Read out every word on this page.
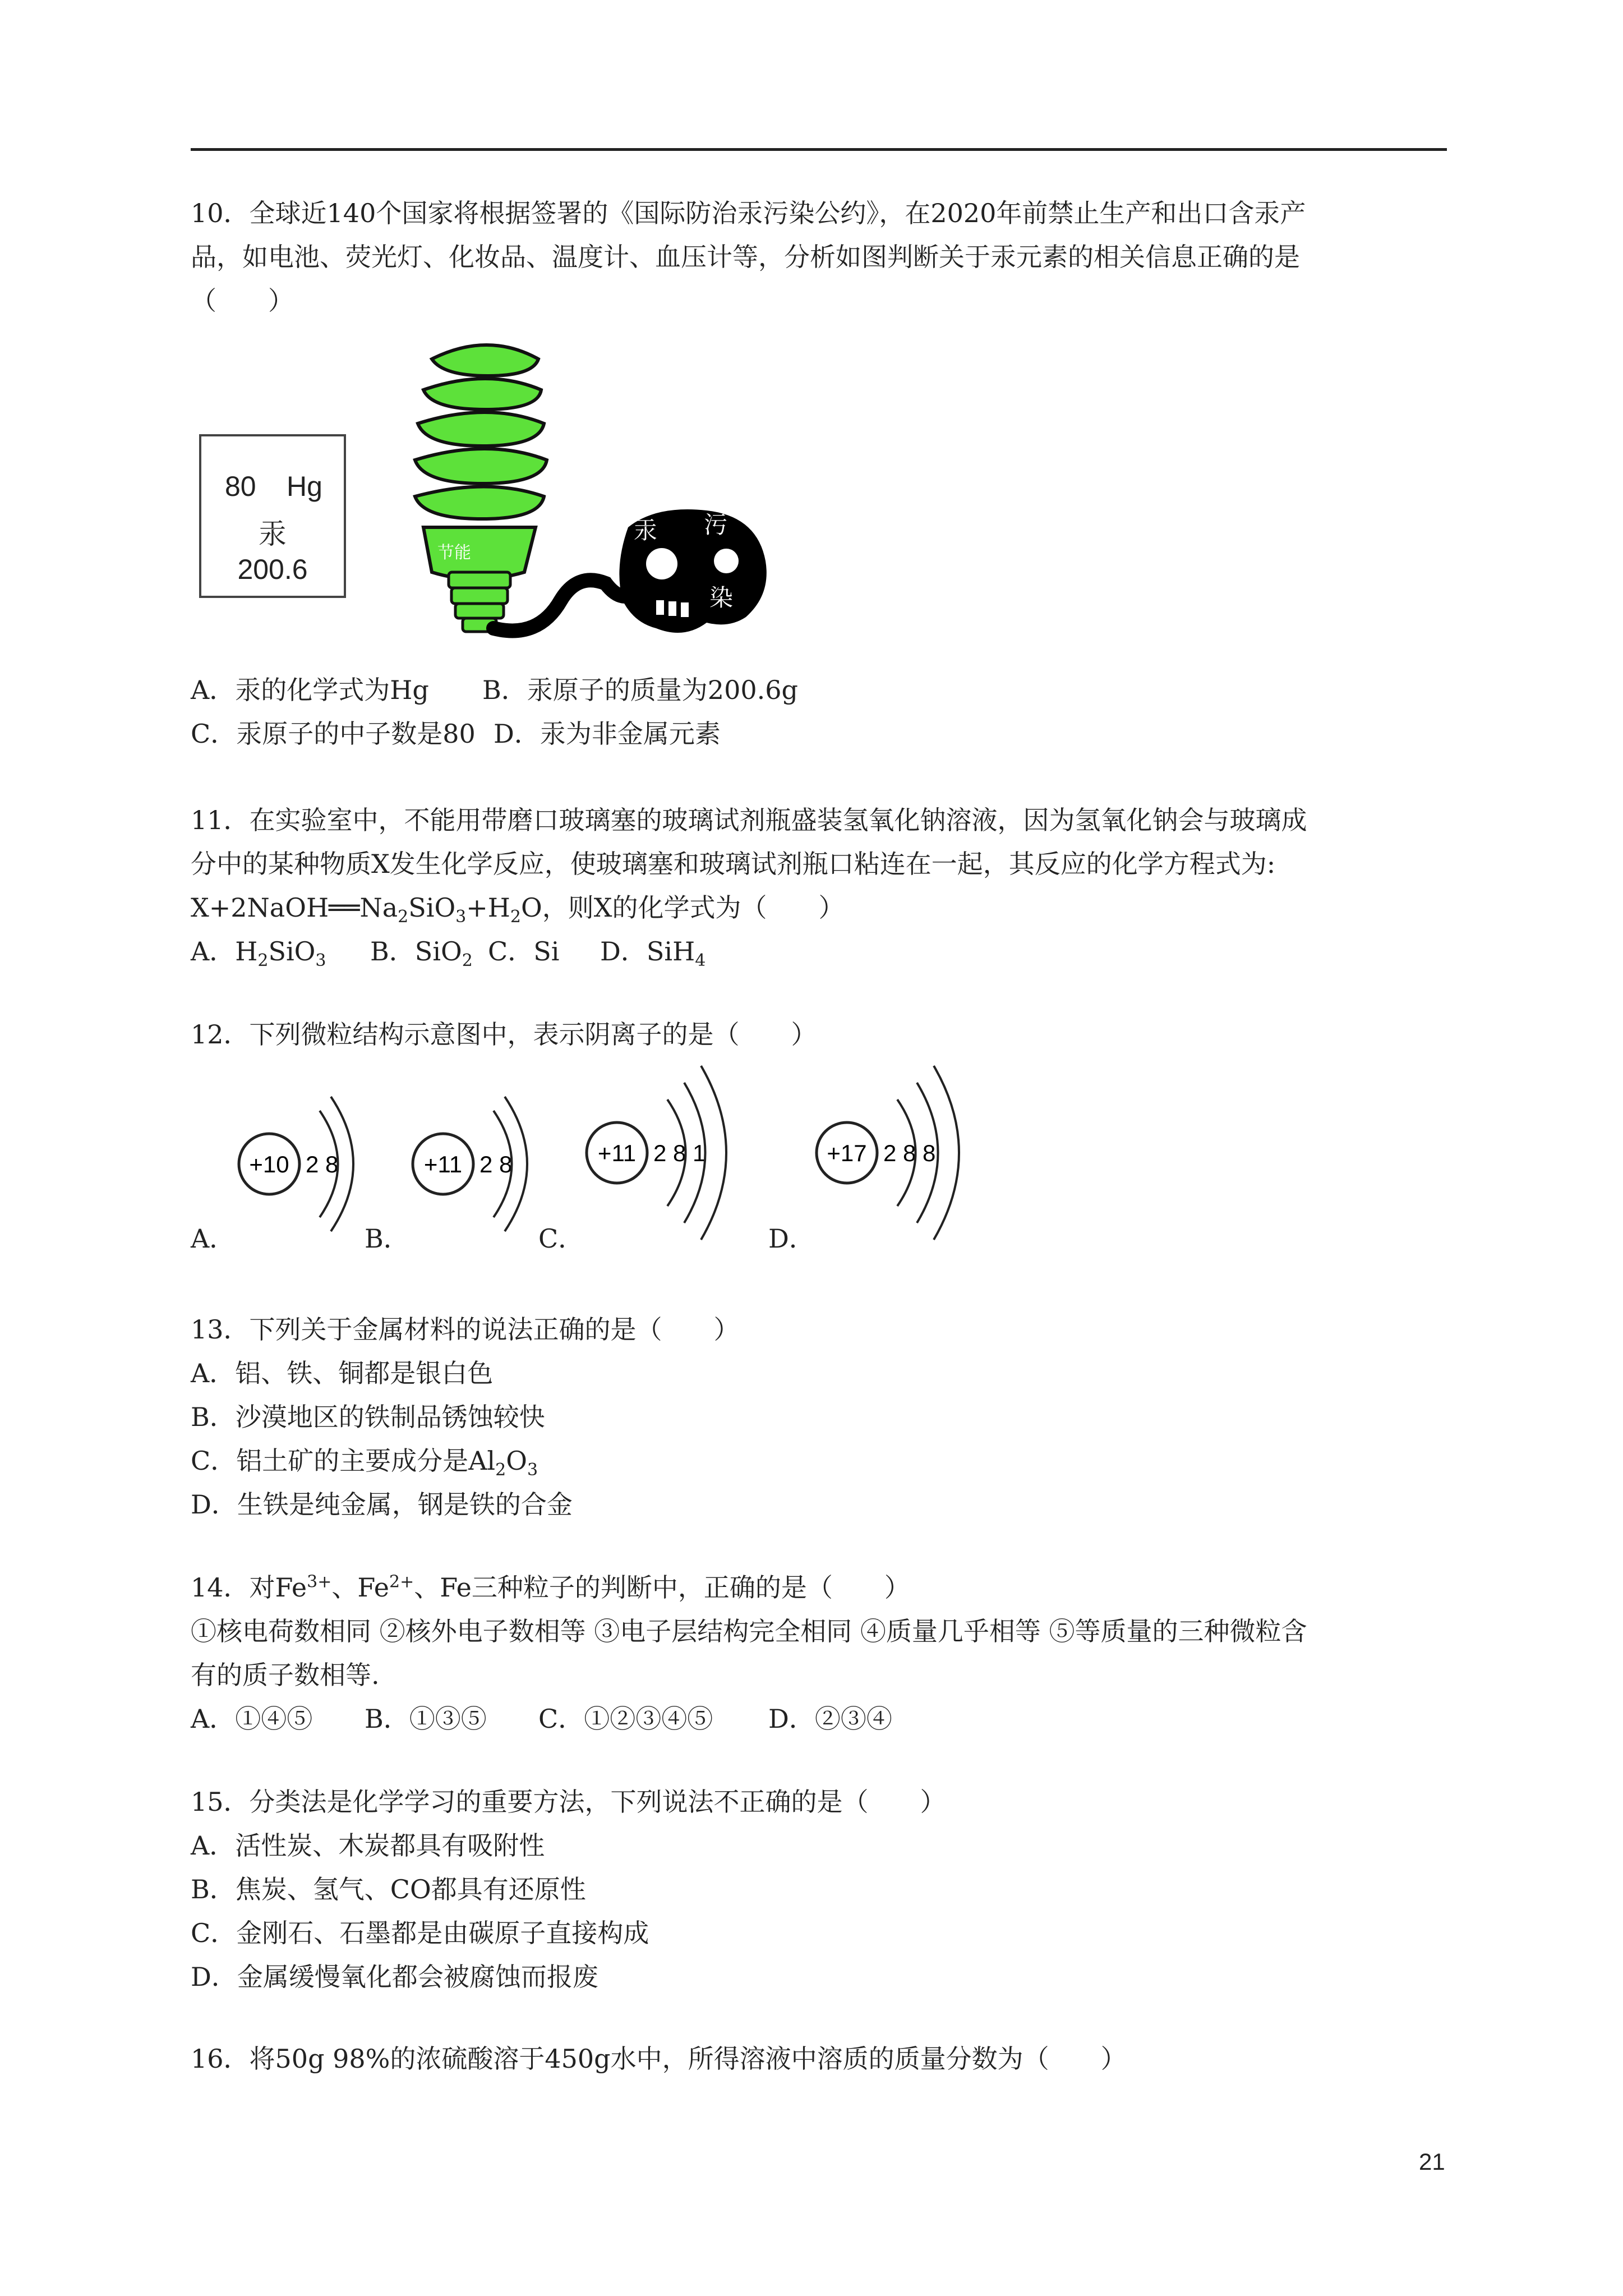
10．全球近140个国家将根据签署的《国际防治汞污染公约》，在2020年前禁止生产和出口含汞产
品，如电池、荧光灯、化妆品、温度计、血压计等，分析如图判断关于汞元素的相关信息正确的是
（　　）
80 Hg
汞
200.6
节能
汞 污
染
A．汞的化学式为Hg B．汞原子的质量为200.6g
C．汞原子的中子数是80 D．汞为非金属元素
11．在实验室中，不能用带磨口玻璃塞的玻璃试剂瓶盛装氢氧化钠溶液，因为氢氧化钠会与玻璃成
分中的某种物质X发生化学反应，使玻璃塞和玻璃试剂瓶口粘连在一起，其反应的化学方程式为:
$X+2NaOH══Na_2SiO_3+H_2O$，则X的化学式为（　　）
A．$H_2SiO_3$ B．SiO$_2$ C．Si D．SiH$_4$
12．下列微粒结构示意图中，表示阴离子的是（　　）
+10 2 8	+11 2 8	+11 2 8 1	+17 2 8 8
A．	B．	C．	D．
13．下列关于金属材料的说法正确的是（　　）
A．铝、铁、铜都是银白色
B．沙漠地区的铁制品锈蚀较快
C．铝土矿的主要成分是$Al_2O_3$
D．生铁是纯金属，钢是铁的合金
14．对$Fe^{3+}$、$Fe^{2+}$、Fe三种粒子的判断中，正确的是（　　）
①核电荷数相同 ②核外电子数相等 ③电子层结构完全相同 ④质量几乎相等 ⑤等质量的三种微粒含
有的质子数相等.
A．①④⑤ B．①③⑤ C．①②③④⑤ D．②③④
15．分类法是化学学习的重要方法，下列说法不正确的是（　　）
A．活性炭、木炭都具有吸附性
B．焦炭、氢气、CO都具有还原性
C．金刚石、石墨都是由碳原子直接构成
D．金属缓慢氧化都会被腐蚀而报废
16．将50g 98%的浓硫酸溶于450g水中，所得溶液中溶质的质量分数为（　　）
21
